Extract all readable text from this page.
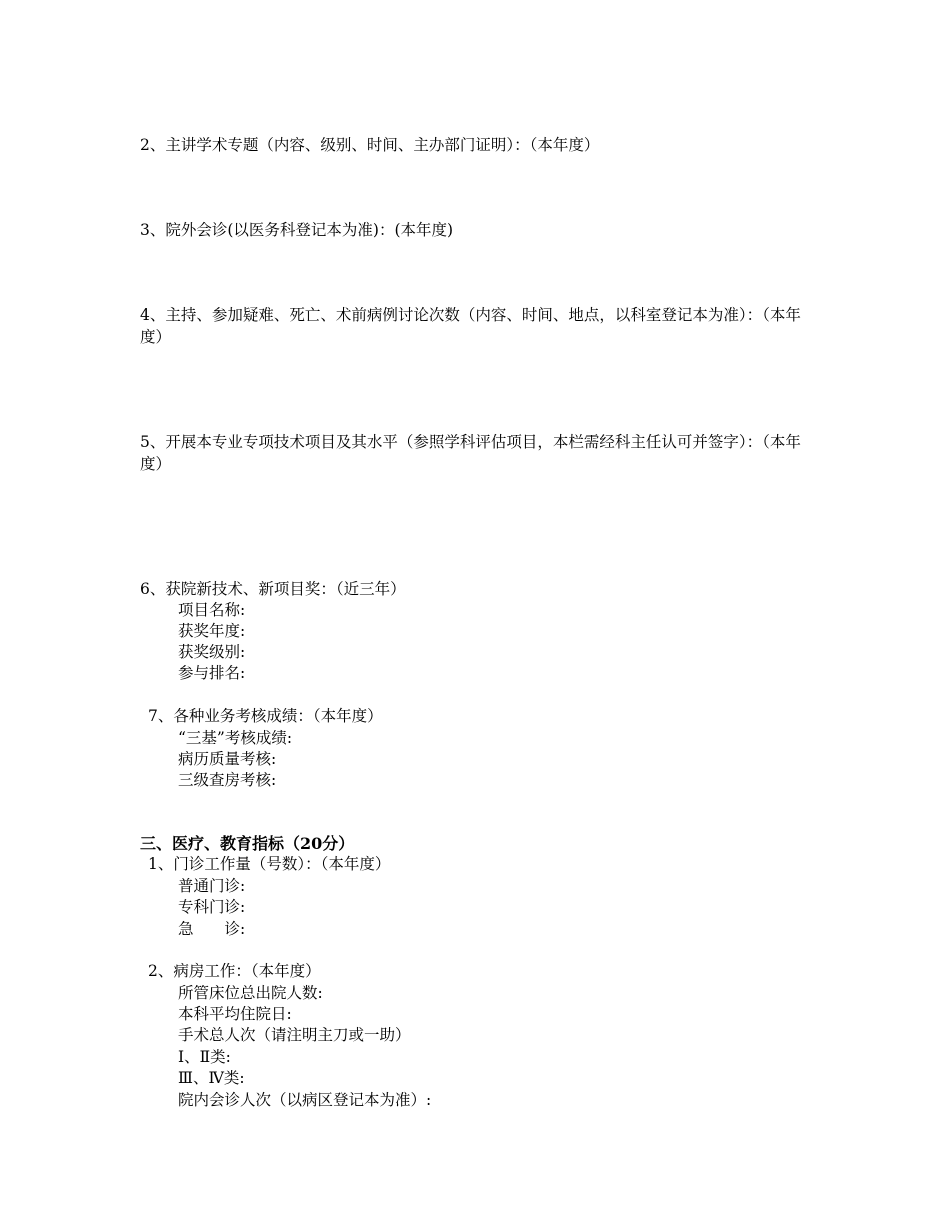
2、主讲学术专题（内容、级别、时间、主办部门证明）：（本年度）

3、院外会诊(以医务科登记本为准)：(本年度)

4、主持、参加疑难、死亡、术前病例讨论次数（内容、时间、地点，以科室登记本为准）：（本年度）

5、开展本专业专项技术项目及其水平（参照学科评估项目，本栏需经科主任认可并签字）：（本年度）

6、获院新技术、新项目奖：（近三年）

项目名称:

获奖年度:

获奖级别:

参与排名:

7、各种业务考核成绩：（本年度）

“三基”考核成绩:

病历质量考核:

三级查房考核:

三、医疗、教育指标（20分）

1、门诊工作量（号数）：（本年度）

普通门诊:

专科门诊:

急　　诊:

2、病房工作：（本年度）

所管床位总出院人数:

本科平均住院日:

手术总人次（请注明主刀或一助）

Ⅰ、Ⅱ类:

Ⅲ、Ⅳ类:

院内会诊人次（以病区登记本为准）:
